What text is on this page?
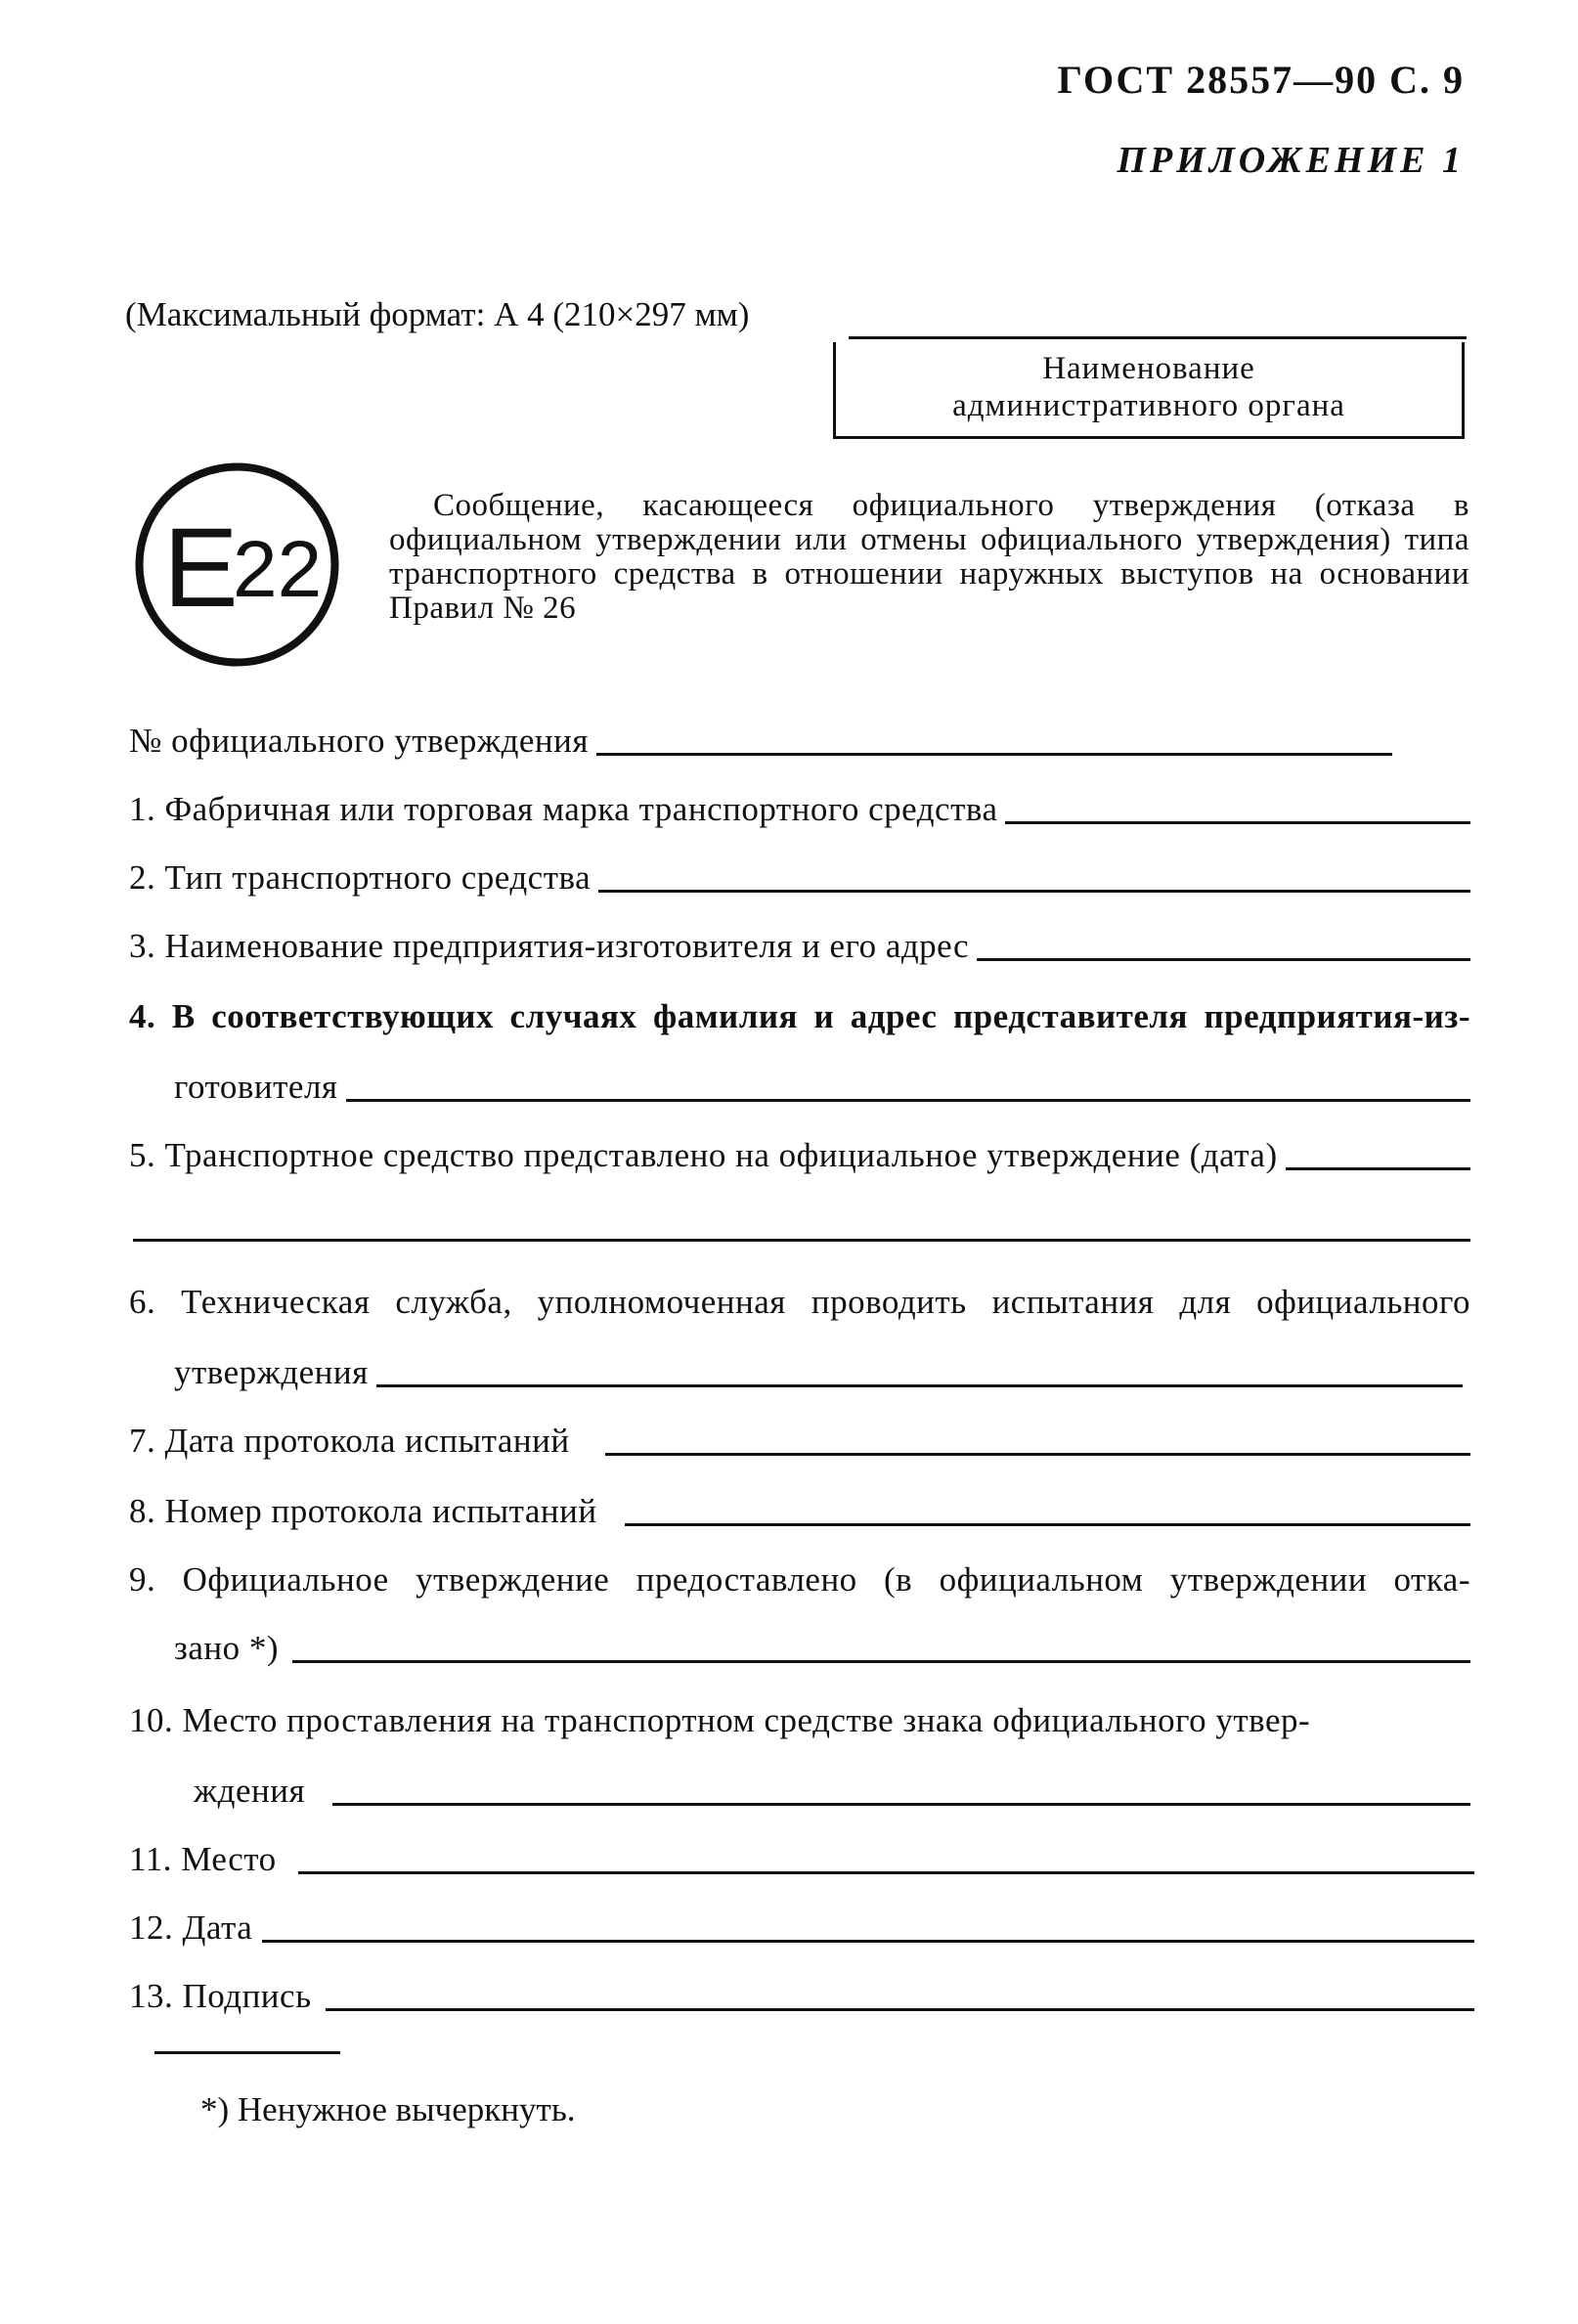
ГОСТ 28557—90 С. 9
ПРИЛОЖЕНИЕ 1
(Максимальный формат: А 4 (210×297 мм)
Наименование
административного органа
E
22
Сообщение, касающееся официального утверждения (отказа в официальном утверждении или отмены официального утверждения) типа транспортного средства в отношении наружных выступов на основании Правил № 26
№ официального утверждения
1. Фабричная или торговая марка транспортного средства
2. Тип транспортного средства
3. Наименование предприятия-изготовителя и его адрес
4. В соответствующих случаях фамилия и адрес представителя предприятия-из-
готовителя
5. Транспортное средство представлено на официальное утверждение (дата)
6. Техническая служба, уполномоченная проводить испытания для официального
утверждения
7. Дата протокола испытаний
8. Номер протокола испытаний
9. Официальное утверждение предоставлено (в официальном утверждении отка-
зано *)
10. Место проставления на транспортном средстве знака официального утвер-
ждения
11. Место
12. Дата
13. Подпись
*) Ненужное вычеркнуть.
